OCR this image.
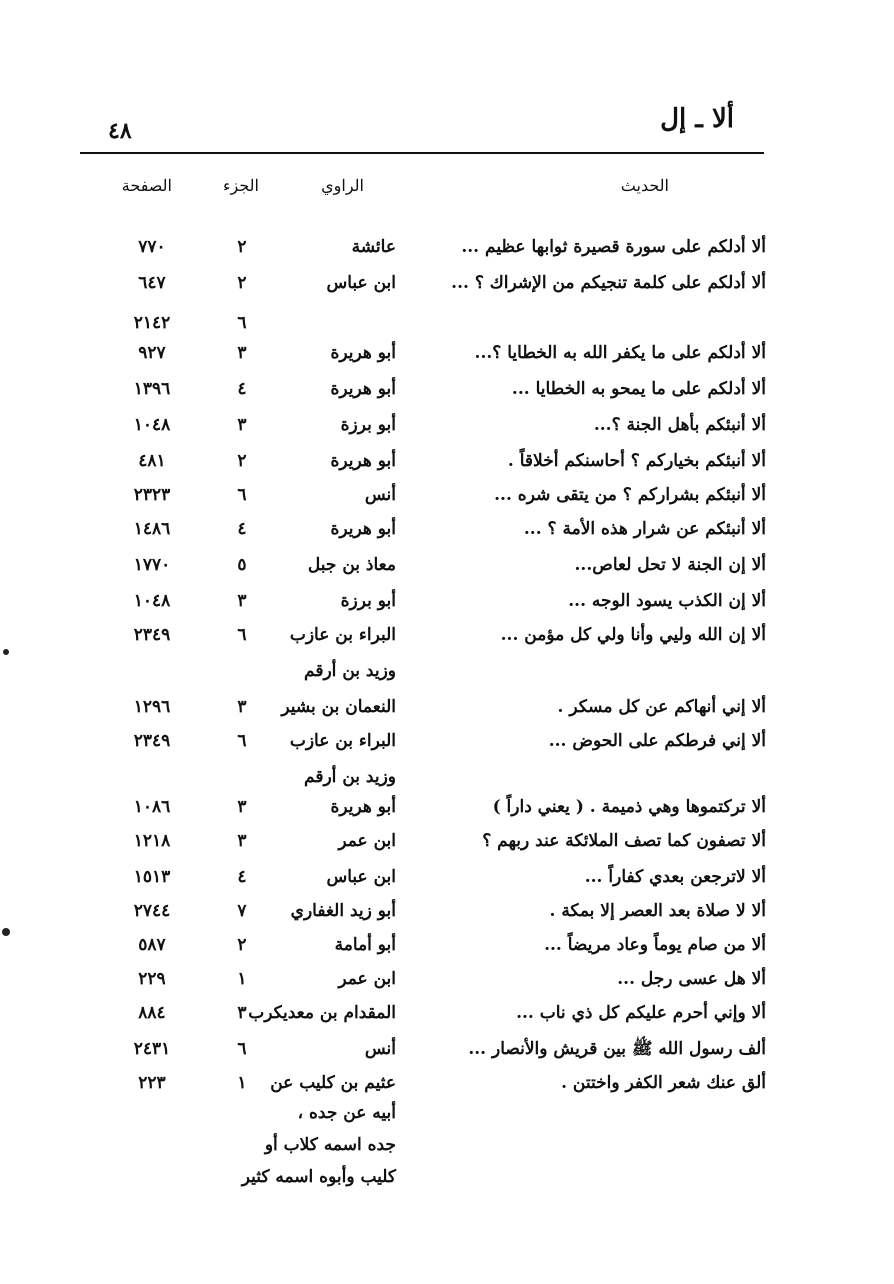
٤٨	ألا ـ إل
الحديث
الراوي
الجزء
الصفحة
ألا أدلكم على سورة قصيرة ثوابها عظيم ...
عائشة
٢
٧٧٠
ألا أدلكم على كلمة تنجيكم من الإشراك ؟ ...
ابن عباس
٢
٦٤٧
٦
٢١٤٢
ألا أدلكم على ما يكفر الله به الخطايا ؟...
أبو هريرة
٣
٩٢٧
ألا أدلكم على ما يمحو به الخطايا ...
أبو هريرة
٤
١٣٩٦
ألا أنبئكم بأهل الجنة ؟...
أبو برزة
٣
١٠٤٨
ألا أنبئكم بخياركم ؟ أحاسنكم أخلاقاً .
أبو هريرة
٢
٤٨١
ألا أنبئكم بشراركم ؟ من يتقى شره ...
أنس
٦
٢٣٢٣
ألا أنبئكم عن شرار هذه الأمة ؟ ...
أبو هريرة
٤
١٤٨٦
ألا إن الجنة لا تحل لعاص...
معاذ بن جبل
٥
١٧٧٠
ألا إن الكذب يسود الوجه ...
أبو برزة
٣
١٠٤٨
ألا إن الله وليي وأنا ولي كل مؤمن ...
البراء بن عازب
٦
٢٣٤٩
وزيد بن أرقم
ألا إني أنهاكم عن كل مسكر .
النعمان بن بشير
٣
١٢٩٦
ألا إني فرطكم على الحوض ...
البراء بن عازب
٦
٢٣٤٩
وزيد بن أرقم
ألا تركتموها وهي ذميمة . ( يعني داراً )
أبو هريرة
٣
١٠٨٦
ألا تصفون كما تصف الملائكة عند ربهم ؟
ابن عمر
٣
١٢١٨
ألا لاترجعن بعدي كفاراً ...
ابن عباس
٤
١٥١٣
ألا لا صلاة بعد العصر إلا بمكة .
أبو زيد الغفاري
٧
٢٧٤٤
ألا من صام يوماً وعاد مريضاً ...
أبو أمامة
٢
٥٨٧
ألا هل عسى رجل ...
ابن عمر
١
٢٢٩
ألا وإني أحرم عليكم كل ذي ناب ...
المقدام بن معديكرب
٣
٨٨٤
ألف رسول الله ﷺ بين قريش والأنصار ...
أنس
٦
٢٤٣١
ألق عنك شعر الكفر واختتن .
عثيم بن كليب عن
١
٢٢٣
أبيه عن جده ،
جده اسمه كلاب أو
كليب وأبوه اسمه كثير
